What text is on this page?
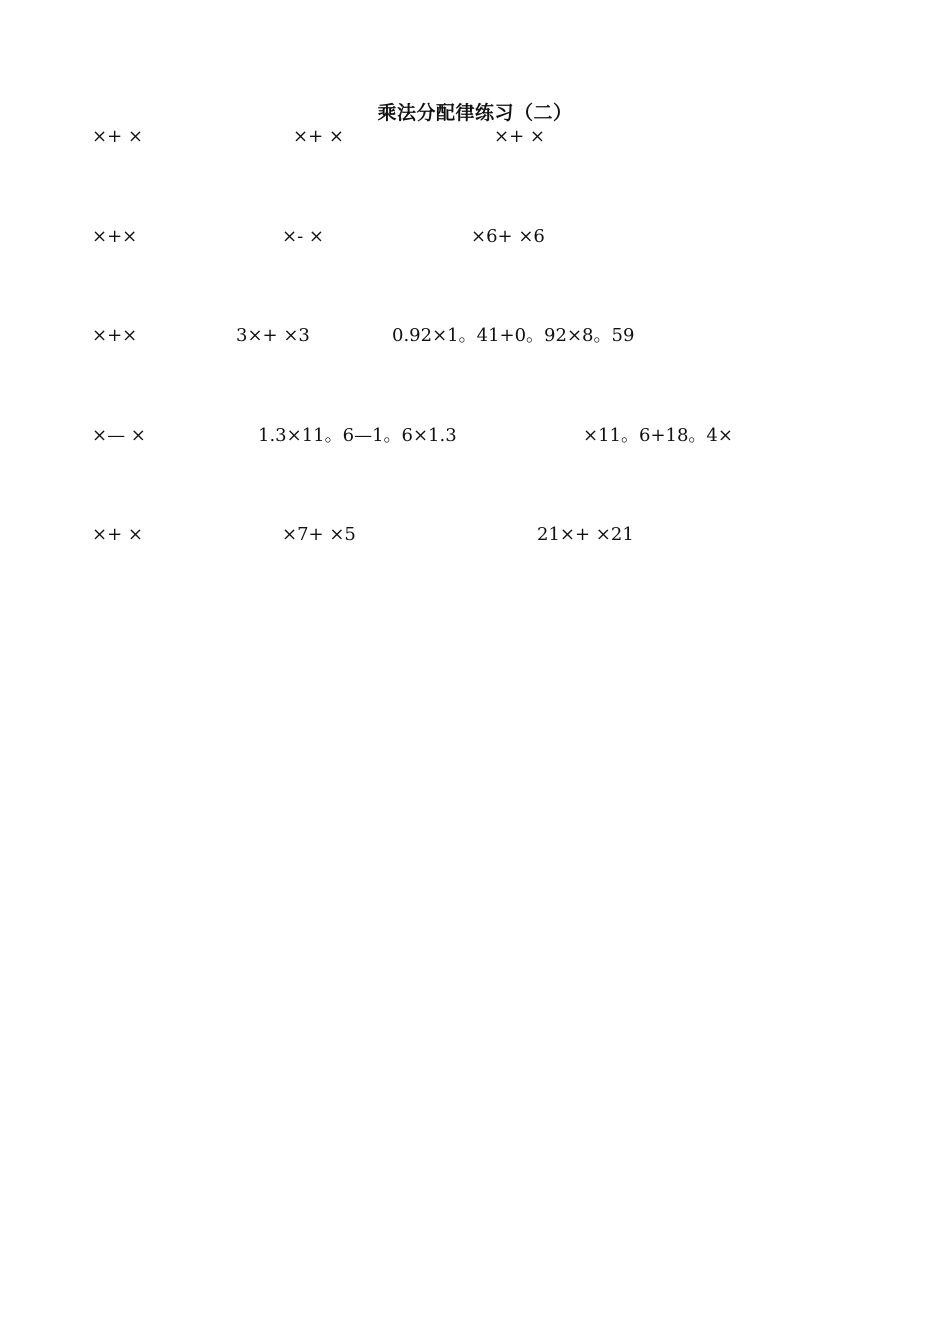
乘法分配律练习（二）
×+ ×	×+ ×	×+ ×
×+×	×- ×	×6+ ×6
×+×	3×+ ×3	0.92×1。41+0。92×8。59
×— ×	1.3×11。6—1。6×1.3	×11。6+18。4×
×+ ×	×7+ ×5	21×+ ×21
